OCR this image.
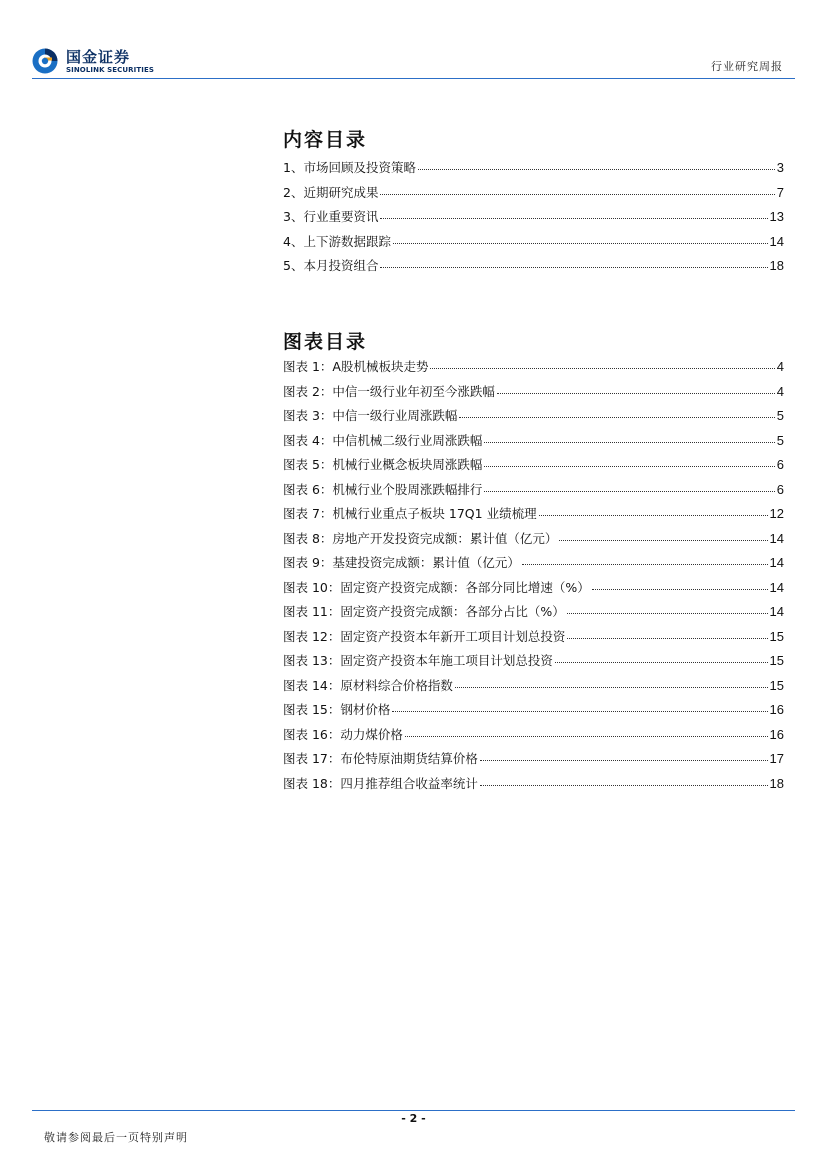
国金证券
SINOLINK SECURITIES	行业研究周报
内容目录
1、市场回顾及投资策略	3
2、近期研究成果	7
3、行业重要资讯	13
4、上下游数据跟踪	14
5、本月投资组合	18
图表目录
图表 1：A股机械板块走势	4
图表 2：中信一级行业年初至今涨跌幅	4
图表 3：中信一级行业周涨跌幅	5
图表 4：中信机械二级行业周涨跌幅	5
图表 5：机械行业概念板块周涨跌幅	6
图表 6：机械行业个股周涨跌幅排行	6
图表 7：机械行业重点子板块 17Q1 业绩梳理	12
图表 8：房地产开发投资完成额：累计值（亿元）	14
图表 9：基建投资完成额：累计值（亿元）	14
图表 10：固定资产投资完成额：各部分同比增速（%）	14
图表 11：固定资产投资完成额：各部分占比（%）	14
图表 12：固定资产投资本年新开工项目计划总投资	15
图表 13：固定资产投资本年施工项目计划总投资	15
图表 14：原材料综合价格指数	15
图表 15：钢材价格	16
图表 16：动力煤价格	16
图表 17：布伦特原油期货结算价格	17
图表 18：四月推荐组合收益率统计	18
- 2 -
敬请参阅最后一页特别声明
